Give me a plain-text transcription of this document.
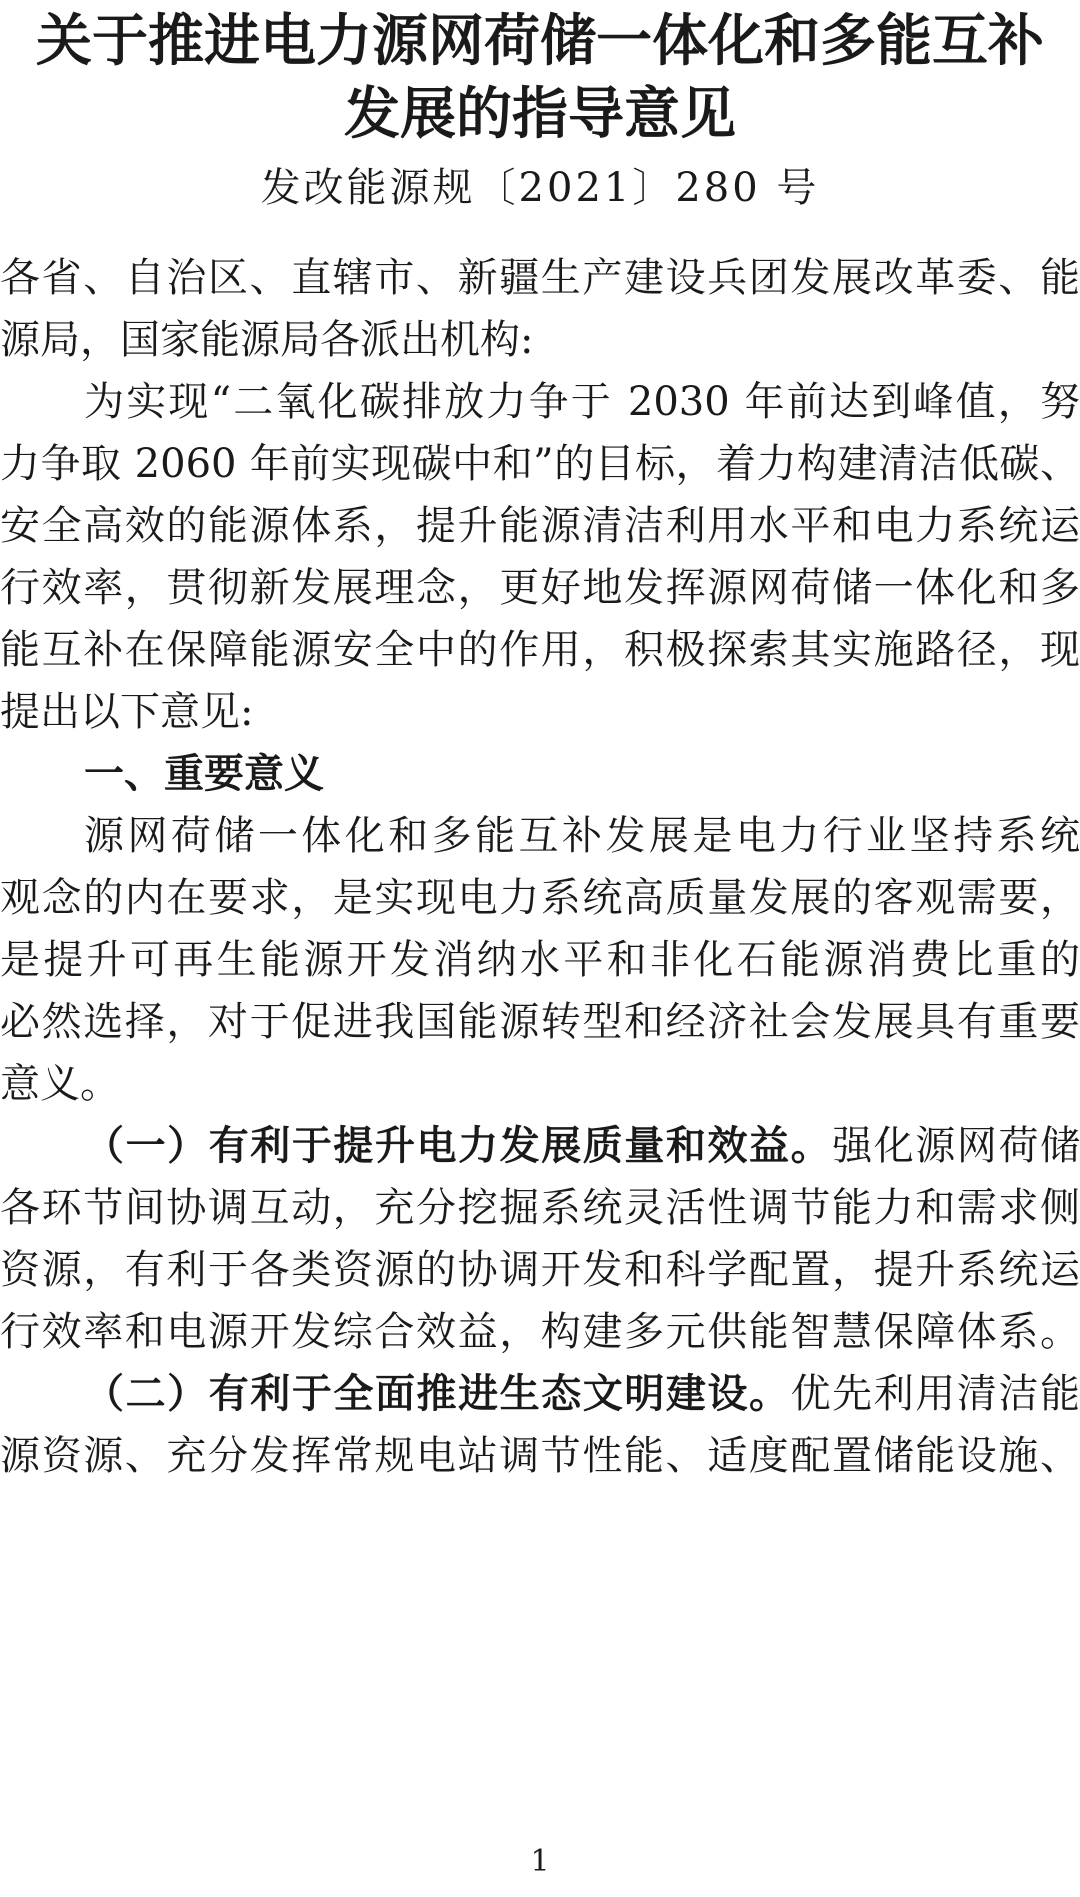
关于推进电力源网荷储一体化和多能互补
发展的指导意见
发改能源规〔2021〕280 号
各省、自治区、直辖市、新疆生产建设兵团发展改革委、能
源局，国家能源局各派出机构:
为实现“二氧化碳排放力争于 2030 年前达到峰值，努
力争取 2060 年前实现碳中和”的目标，着力构建清洁低碳、
安全高效的能源体系，提升能源清洁利用水平和电力系统运
行效率，贯彻新发展理念，更好地发挥源网荷储一体化和多
能互补在保障能源安全中的作用，积极探索其实施路径，现
提出以下意见:
一、重要意义
源网荷储一体化和多能互补发展是电力行业坚持系统
观念的内在要求，是实现电力系统高质量发展的客观需要，
是提升可再生能源开发消纳水平和非化石能源消费比重的
必然选择，对于促进我国能源转型和经济社会发展具有重要
意义。
（一）有利于提升电力发展质量和效益。强化源网荷储
各环节间协调互动，充分挖掘系统灵活性调节能力和需求侧
资源，有利于各类资源的协调开发和科学配置，提升系统运
行效率和电源开发综合效益，构建多元供能智慧保障体系。
（二）有利于全面推进生态文明建设。优先利用清洁能
源资源、充分发挥常规电站调节性能、适度配置储能设施、
1
